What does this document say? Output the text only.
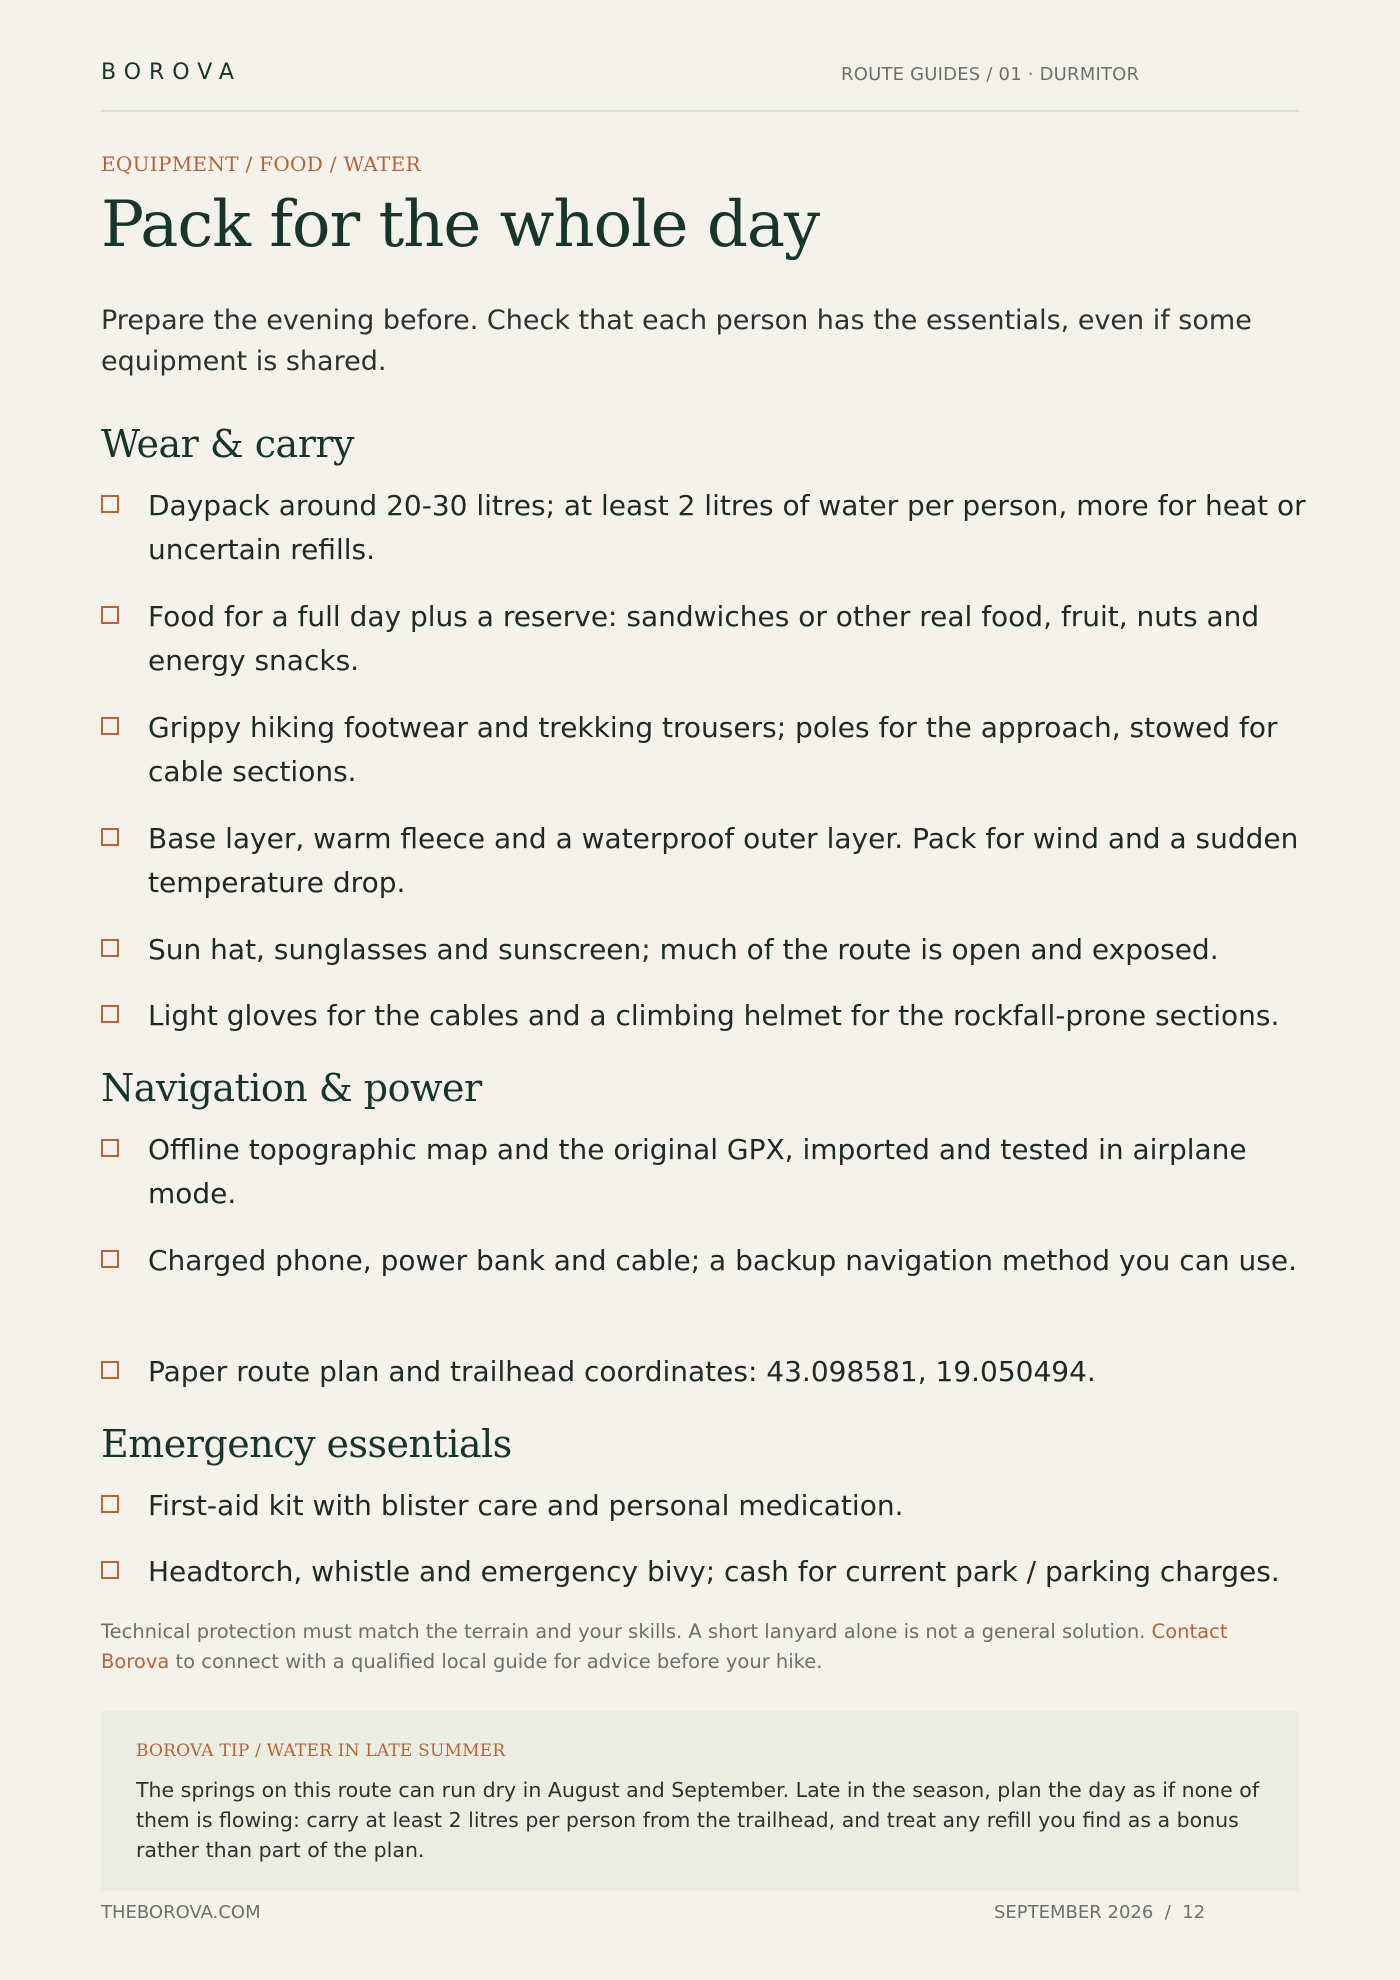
BOROVA	ROUTE GUIDES / 01 · DURMITOR
EQUIPMENT / FOOD / WATER
Pack for the whole day
Prepare the evening before. Check that each person has the essentials, even if some equipment is shared.
Wear & carry
Daypack around 20-30 litres; at least 2 litres of water per person, more for heat or uncertain refills.
Food for a full day plus a reserve: sandwiches or other real food, fruit, nuts and energy snacks.
Grippy hiking footwear and trekking trousers; poles for the approach, stowed for cable sections.
Base layer, warm fleece and a waterproof outer layer. Pack for wind and a sudden temperature drop.
Sun hat, sunglasses and sunscreen; much of the route is open and exposed.
Light gloves for the cables and a climbing helmet for the rockfall-prone sections.
Navigation & power
Offline topographic map and the original GPX, imported and tested in airplane mode.
Charged phone, power bank and cable; a backup navigation method you can use.
Paper route plan and trailhead coordinates: 43.098581, 19.050494.
Emergency essentials
First-aid kit with blister care and personal medication.
Headtorch, whistle and emergency bivy; cash for current park / parking charges.
Technical protection must match the terrain and your skills. A short lanyard alone is not a general solution. Contact Borova to connect with a qualified local guide for advice before your hike.
BOROVA TIP / WATER IN LATE SUMMER
The springs on this route can run dry in August and September. Late in the season, plan the day as if none of them is flowing: carry at least 2 litres per person from the trailhead, and treat any refill you find as a bonus rather than part of the plan.
THEBOROVA.COM	SEPTEMBER 2026  /  12
